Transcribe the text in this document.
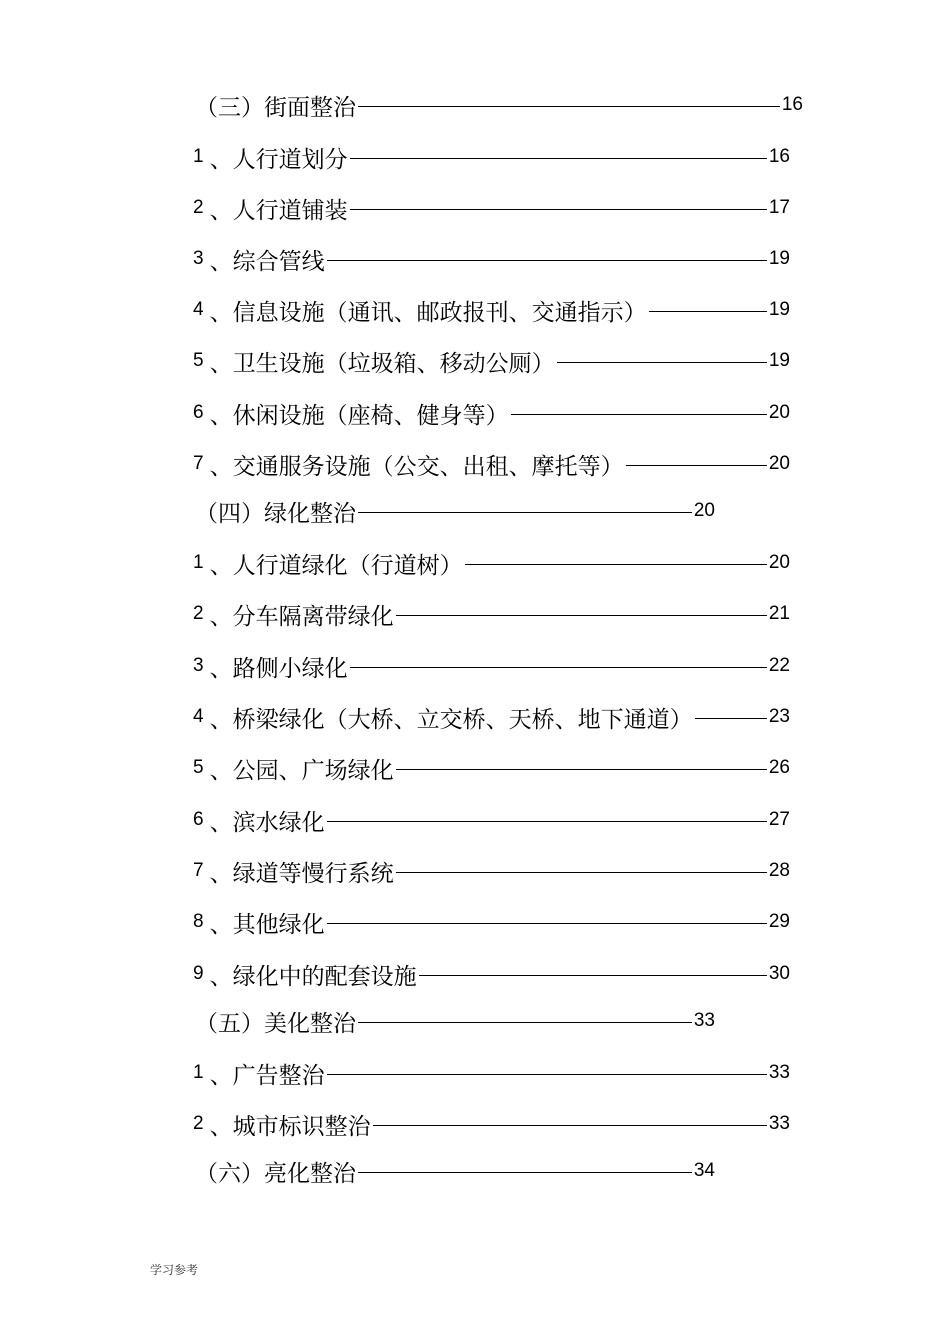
（三）街面整治	16
1 、人行道划分	16
2 、人行道铺装	17
3 、综合管线	19
4 、信息设施（通讯、邮政报刊、交通指示）	19
5 、卫生设施（垃圾箱、移动公厕）	19
6 、休闲设施（座椅、健身等）	20
7 、交通服务设施（公交、出租、摩托等）	20
（四）绿化整治	20
1 、人行道绿化（行道树）	20
2 、分车隔离带绿化	21
3 、路侧小绿化	22
4 、桥梁绿化（大桥、立交桥、天桥、地下通道）	23
5 、公园、广场绿化	26
6 、滨水绿化	27
7 、绿道等慢行系统	28
8 、其他绿化	29
9 、绿化中的配套设施	30
（五）美化整治	33
1 、广告整治	33
2 、城市标识整治	33
（六）亮化整治	34
学习参考
